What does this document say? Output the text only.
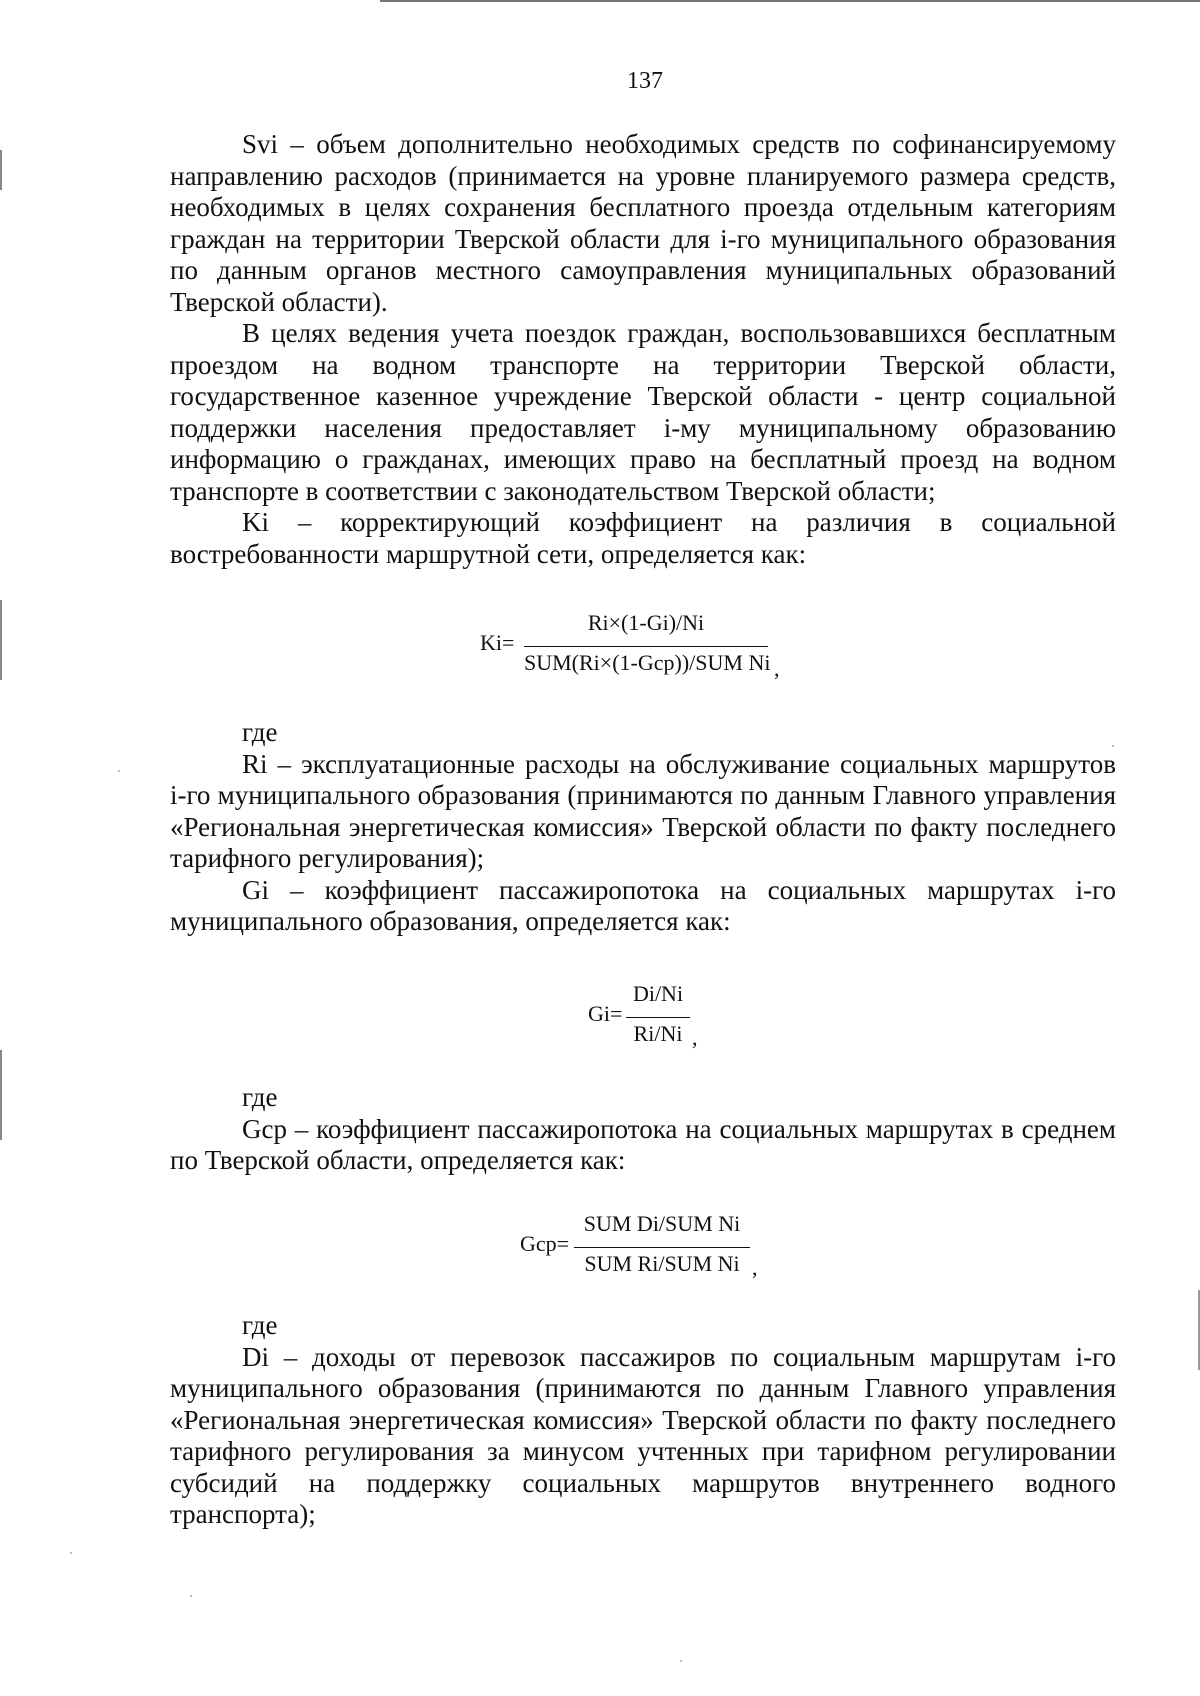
137

Svi – объем дополнительно необходимых средств по софинансируемому направлению расходов (принимается на уровне планируемого размера средств, необходимых в целях сохранения бесплатного проезда отдельным категориям граждан на территории Тверской области для i-го муниципального образования по данным органов местного самоуправления муниципальных образований Тверской области).

В целях ведения учета поездок граждан, воспользовавшихся бесплатным проездом на водном транспорте на территории Тверской области, государственное казенное учреждение Тверской области - центр социальной поддержки населения предоставляет i-му муниципальному образованию информацию о гражданах, имеющих право на бесплатный проезд на водном транспорте в соответствии с законодательством Тверской области;

Ki – корректирующий коэффициент на различия в социальной востребованности маршрутной сети, определяется как:

Ki=
Ri×(1-Gi)/Ni
SUM(Ri×(1-Gcp))/SUM Ni ,

где

Ri – эксплуатационные расходы на обслуживание социальных маршрутов i-го муниципального образования (принимаются по данным Главного управления «Региональная энергетическая комиссия» Тверской области по факту последнего тарифного регулирования);

Gi – коэффициент пассажиропотока на социальных маршрутах i-го муниципального образования, определяется как:

Gi=
Di/Ni
Ri/Ni ,

где

Gср – коэффициент пассажиропотока на социальных маршрутах в среднем по Тверской области, определяется как:

Gcp=
SUM Di/SUM Ni
SUM Ri/SUM Ni ,

где

Di – доходы от перевозок пассажиров по социальным маршрутам i-го муниципального образования (принимаются по данным Главного управления «Региональная энергетическая комиссия» Тверской области по факту последнего тарифного регулирования за минусом учтенных при тарифном регулировании субсидий на поддержку социальных маршрутов внутреннего водного транспорта);
